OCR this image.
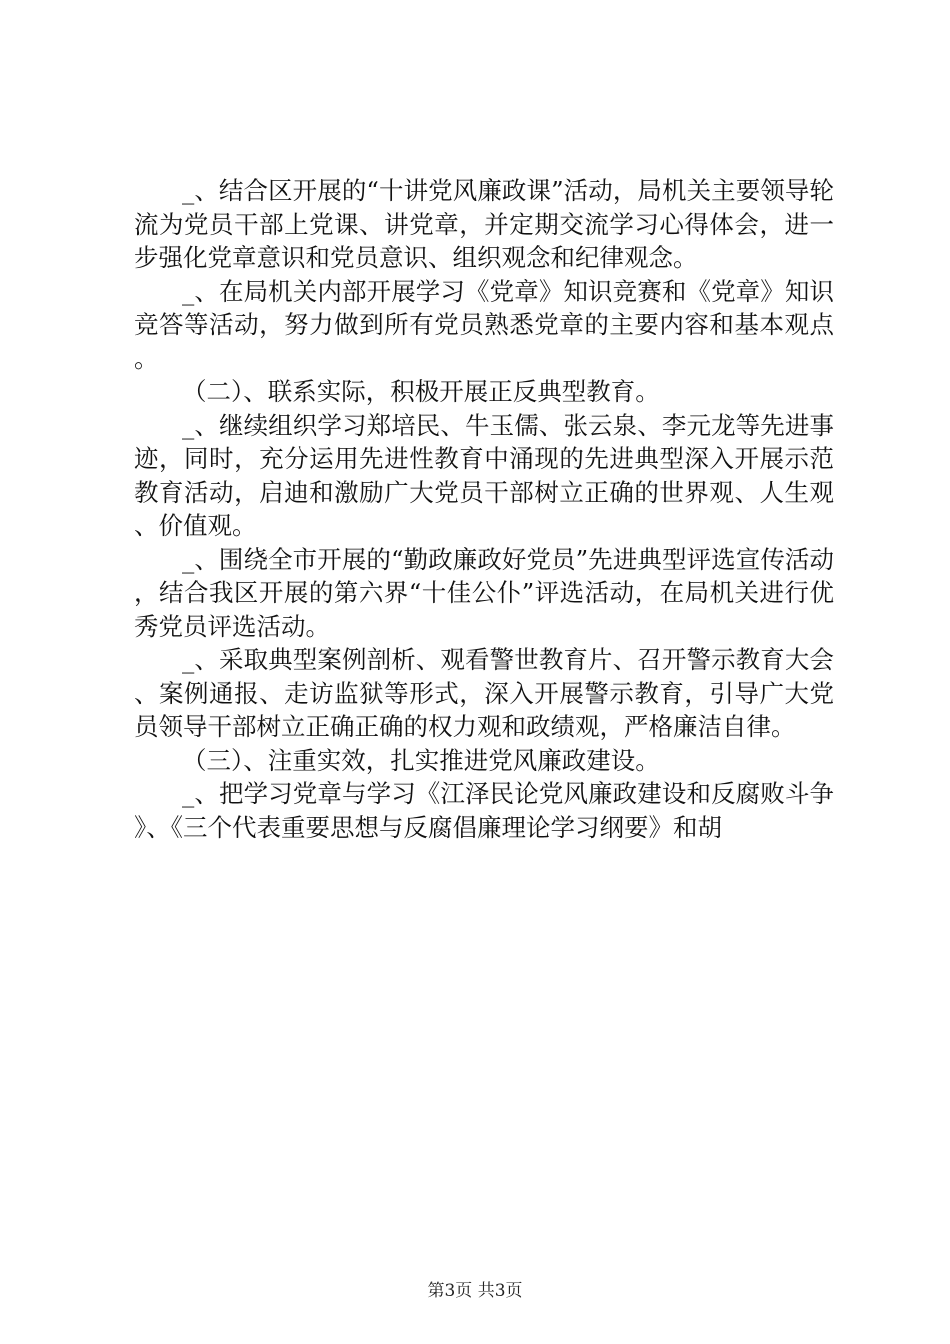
_、结合区开展的“十讲党风廉政课”活动，局机关主要领导轮流为党员干部上党课、讲党章，并定期交流学习心得体会，进一步强化党章意识和党员意识、组织观念和纪律观念。

_、在局机关内部开展学习《党章》知识竞赛和《党章》知识竞答等活动，努力做到所有党员熟悉党章的主要内容和基本观点。

（二）、联系实际，积极开展正反典型教育。

_、继续组织学习郑培民、牛玉儒、张云泉、李元龙等先进事迹，同时，充分运用先进性教育中涌现的先进典型深入开展示范教育活动，启迪和激励广大党员干部树立正确的世界观、人生观、价值观。

_、围绕全市开展的“勤政廉政好党员”先进典型评选宣传活动，结合我区开展的第六界“十佳公仆”评选活动，在局机关进行优秀党员评选活动。

_、采取典型案例剖析、观看警世教育片、召开警示教育大会、案例通报、走访监狱等形式，深入开展警示教育，引导广大党员领导干部树立正确正确的权力观和政绩观，严格廉洁自律。

（三）、注重实效，扎实推进党风廉政建设。

_、把学习党章与学习《江泽民论党风廉政建设和反腐败斗争》、《三个代表重要思想与反腐倡廉理论学习纲要》和胡

第3页 共3页
